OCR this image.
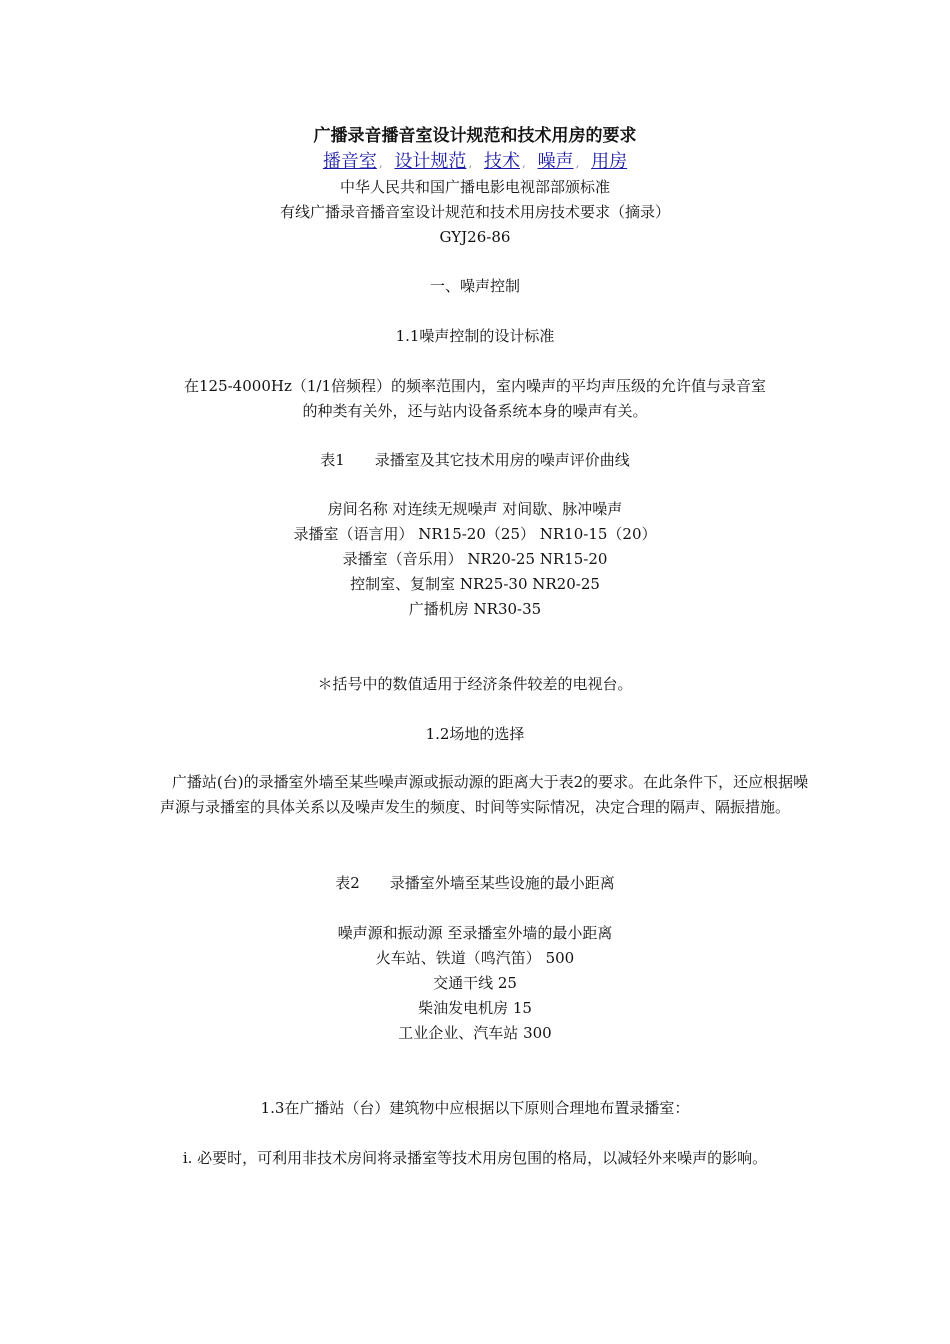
广播录音播音室设计规范和技术用房的要求
播音室 , 设计规范 , 技术 , 噪声 , 用房
中华人民共和国广播电影电视部部颁标准
有线广播录音播音室设计规范和技术用房技术要求（摘录）
GYJ26-86
一、噪声控制
1.1噪声控制的设计标准
在125-4000Hz（1/1倍频程）的频率范围内，室内噪声的平均声压级的允许值与录音室
的种类有关外，还与站内设备系统本身的噪声有关。
表1　　录播室及其它技术用房的噪声评价曲线
房间名称 对连续无规噪声 对间歇、脉冲噪声
录播室（语言用） NR15-20（25） NR10-15（20）
录播室（音乐用） NR20-25 NR15-20
控制室、复制室 NR25-30 NR20-25
广播机房 NR30-35
＊括号中的数值适用于经济条件较差的电视台。
1.2场地的选择
广播站(台)的录播室外墙至某些噪声源或振动源的距离大于表2的要求。在此条件下，还应根据噪声源与录播室的具体关系以及噪声发生的频度、时间等实际情况，决定合理的隔声、隔振措施。
表2　　录播室外墙至某些设施的最小距离
噪声源和振动源 至录播室外墙的最小距离
火车站、铁道（鸣汽笛） 500
交通干线 25
柴油发电机房 15
工业企业、汽车站 300
1.3在广播站（台）建筑物中应根据以下原则合理地布置录播室：
i. 必要时，可利用非技术房间将录播室等技术用房包围的格局，以减轻外来噪声的影响。
